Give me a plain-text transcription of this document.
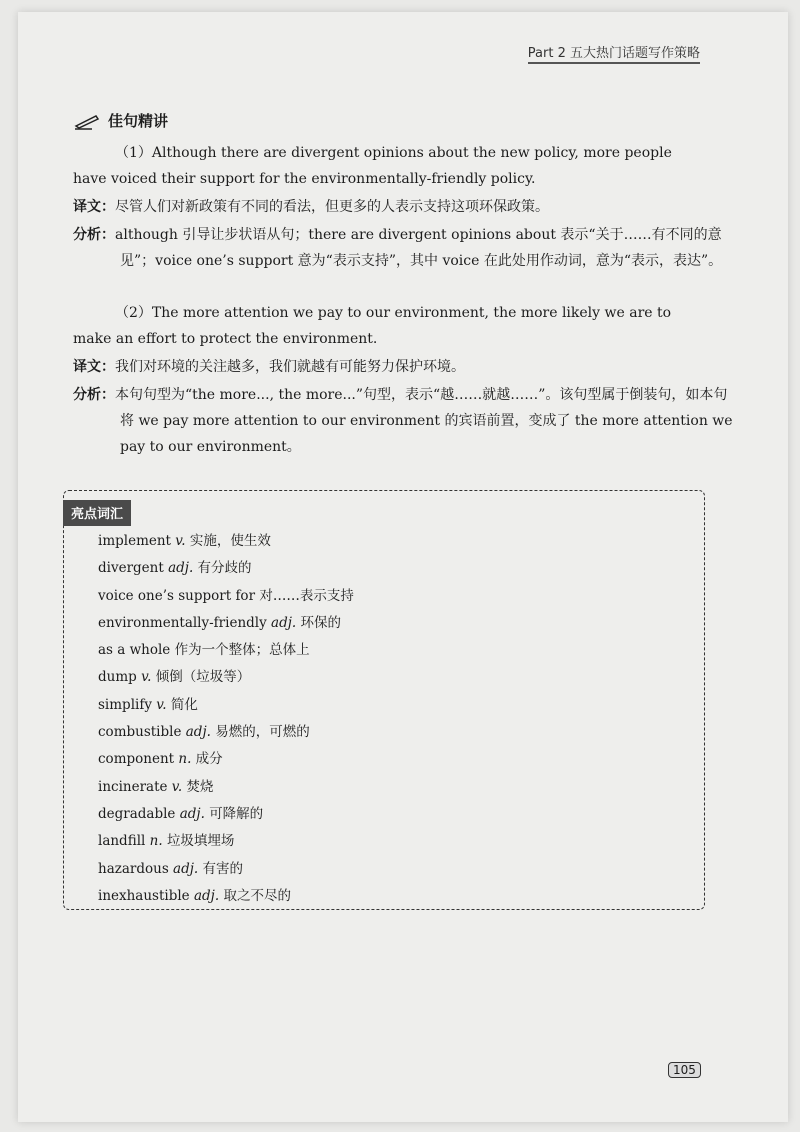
Part 2 五大热门话题写作策略
佳句精讲
（1）Although there are divergent opinions about the new policy, more people have voiced their support for the environmentally-friendly policy.
译文：尽管人们对新政策有不同的看法，但更多的人表示支持这项环保政策。
分析：although 引导让步状语从句；there are divergent opinions about 表示“关于……有不同的意见”；voice one’s support 意为“表示支持”，其中 voice 在此处用作动词，意为“表示，表达”。
（2）The more attention we pay to our environment, the more likely we are to make an effort to protect the environment.
译文：我们对环境的关注越多，我们就越有可能努力保护环境。
分析：本句句型为“the more..., the more...”句型，表示“越……就越……”。该句型属于倒装句，如本句将 we pay more attention to our environment 的宾语前置，变成了 the more attention we pay to our environment。
亮点词汇
implement v. 实施，使生效
divergent adj. 有分歧的
voice one’s support for 对……表示支持
environmentally-friendly adj. 环保的
as a whole 作为一个整体；总体上
dump v. 倾倒（垃圾等）
simplify v. 简化
combustible adj. 易燃的，可燃的
component n. 成分
incinerate v. 焚烧
degradable adj. 可降解的
landfill n. 垃圾填埋场
hazardous adj. 有害的
inexhaustible adj. 取之不尽的
105
